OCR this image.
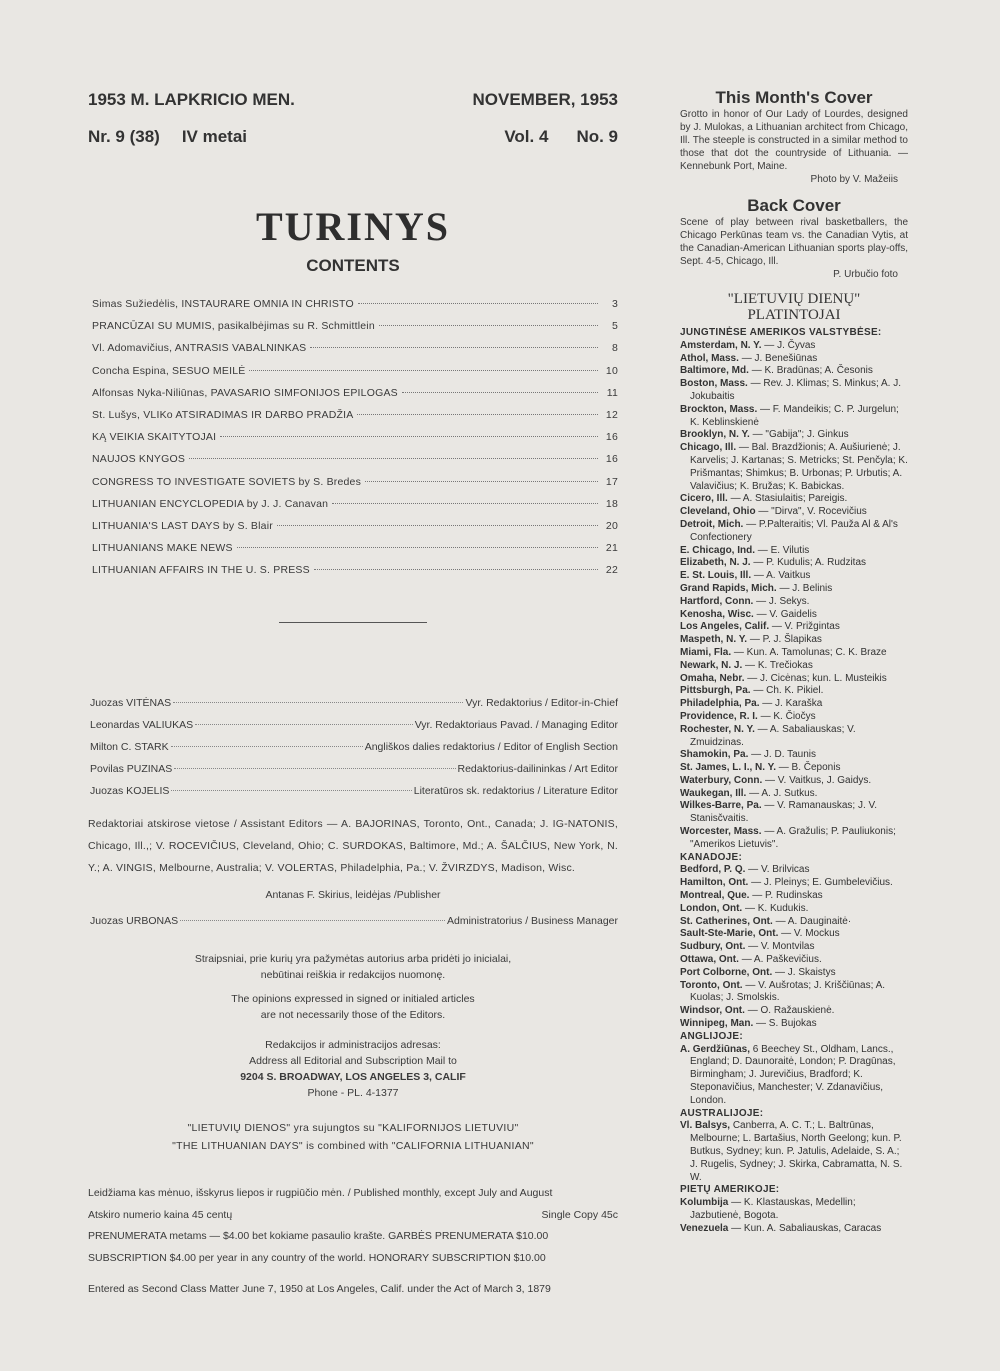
1953 M. LAPKRICIO MEN.	NOVEMBER, 1953
Nr. 9 (38) IV metai	Vol. 4 No. 9
TURINYS
CONTENTS
Simas Sužiedėlis, INSTAURARE OMNIA IN CHRISTO	3
PRANCŪZAI SU MUMIS, pasikalbėjimas su R. Schmittlein	5
Vl. Adomavičius, ANTRASIS VABALNINKAS	8
Concha Espina, SESUO MEILĖ	10
Alfonsas Nyka-Niliūnas, PAVASARIO SIMFONIJOS EPILOGAS	11
St. Lušys, VLIKo ATSIRADIMAS IR DARBO PRADŽIA	12
KĄ VEIKIA SKAITYTOJAI	16
NAUJOS KNYGOS	16
CONGRESS TO INVESTIGATE SOVIETS by S. Bredes	17
LITHUANIAN ENCYCLOPEDIA by J. J. Canavan	18
LITHUANIA'S LAST DAYS by S. Blair	20
LITHUANIANS MAKE NEWS	21
LITHUANIAN AFFAIRS IN THE U. S. PRESS	22
Juozas VITĖNAS	Vyr. Redaktorius / Editor-in-Chief
Leonardas VALIUKAS	Vyr. Redaktoriaus Pavad. / Managing Editor
Milton C. STARK	Angliškos dalies redaktorius / Editor of English Section
Povilas PUZINAS	Redaktorius-dailininkas / Art Editor
Juozas KOJELIS	Literatūros sk. redaktorius / Literature Editor
Redaktoriai atskirose vietose / Assistant Editors — A. BAJORINAS, Toronto, Ont., Canada; J. IG-NATONIS, Chicago, Ill.,; V. ROCEVIČIUS, Cleveland, Ohio; C. SURDOKAS, Baltimore, Md.; A. ŠALČIUS, New York, N. Y.; A. VINGIS, Melbourne, Australia; V. VOLERTAS, Philadelphia, Pa.; V. ŽVIRZDYS, Madison, Wisc.
Antanas F. Skirius, leidėjas /Publisher
Juozas URBONAS	Administratorius / Business Manager
Straipsniai, prie kurių yra pažymėtas autorius arba pridėti jo inicialai,
nebūtinai reiškia ir redakcijos nuomonę.
The opinions expressed in signed or initialed articles
are not necessarily those of the Editors.
Redakcijos ir administracijos adresas:
Address all Editorial and Subscription Mail to
9204 S. BROADWAY, LOS ANGELES 3, CALIF
Phone - PL. 4-1377
"LIETUVIŲ DIENOS" yra sujungtos su "KALIFORNIJOS LIETUVIU"
"THE LITHUANIAN DAYS" is combined with "CALIFORNIA LITHUANIAN"
Leidžiama kas mėnuo, išskyrus liepos ir rugpiūčio mėn. / Published monthly, except July and August
Atskiro numerio kaina 45 centų	Single Copy 45c
PRENUMERATA metams — $4.00 bet kokiame pasaulio krašte. GARBĖS PRENUMERATA $10.00
SUBSCRIPTION $4.00 per year in any country of the world. HONORARY SUBSCRIPTION $10.00
Entered as Second Class Matter June 7, 1950 at Los Angeles, Calif. under the Act of March 3, 1879
This Month's Cover
Grotto in honor of Our Lady of Lourdes, designed by J. Mulokas, a Lithuanian architect from Chicago, Ill. The steeple is constructed in a similar method to those that dot the countryside of Lithuania. — Kennebunk Port, Maine.
Photo by V. Mažeiis
Back Cover
Scene of play between rival basketballers, the Chicago Perkūnas team vs. the Canadian Vytis, at the Canadian-American Lithuanian sports play-offs, Sept. 4-5, Chicago, Ill.
P. Urbučio foto
"LIETUVIŲ DIENŲ"
PLATINTOJAI
JUNGTINĖSE AMERIKOS VALSTYBĖSE:
Amsterdam, N. Y. — J. Čyvas
Athol, Mass. — J. Benešiūnas
Baltimore, Md. — K. Bradūnas; A. Česonis
Boston, Mass. — Rev. J. Klimas; S. Minkus; A. J. Jokubaitis
Brockton, Mass. — F. Mandeikis; C. P. Jurgelun; K. Keblinskienė
Brooklyn, N. Y. — "Gabija"; J. Ginkus
Chicago, Ill. — Bal. Brazdžionis; A. Aušiurienė; J. Karvelis; J. Kartanas; S. Metricks; St. Penčyla; K. Prišmantas; Shimkus; B. Urbonas; P. Urbutis; A. Valavičius; K. Bružas; K. Babickas.
Cicero, Ill. — A. Stasiulaitis; Pareigis.
Cleveland, Ohio — "Dirva", V. Rocevičius
Detroit, Mich. — P.Palteraitis; Vl. Pauža Al & Al's Confectionery
E. Chicago, Ind. — E. Vilutis
Elizabeth, N. J. — P. Kudulis; A. Rudzitas
E. St. Louis, Ill. — A. Vaitkus
Grand Rapids, Mich. — J. Belinis
Hartford, Conn. — J. Sekys.
Kenosha, Wisc. — V. Gaidelis
Los Angeles, Calif. — V. Prižgintas
Maspeth, N. Y. — P. J. Šlapikas
Miami, Fla. — Kun. A. Tamolunas; C. K. Braze
Newark, N. J. — K. Trečiokas
Omaha, Nebr. — J. Cicėnas; kun. L. Musteikis
Pittsburgh, Pa. — Ch. K. Pikiel.
Philadelphia, Pa. — J. Karaška
Providence, R. I. — K. Čiočys
Rochester, N. Y. — A. Sabaliauskas; V. Zmuidzinas.
Shamokin, Pa. — J. D. Taunis
St. James, L. I., N. Y. — B. Čeponis
Waterbury, Conn. — V. Vaitkus, J. Gaidys.
Waukegan, Ill. — A. J. Sutkus.
Wilkes-Barre, Pa. — V. Ramanauskas; J. V. Stanisčvaitis.
Worcester, Mass. — A. Gražulis; P. Pauliukonis; "Amerikos Lietuvis".
KANADOJE:
Bedford, P. Q. — V. Brilvicas
Hamilton, Ont. — J. Pleinys; E. Gumbelevičius.
Montreal, Que. — P. Rudinskas
London, Ont. — K. Kudukis.
St. Catherines, Ont. — A. Dauginaitė·
Sault-Ste-Marie, Ont. — V. Mockus
Sudbury, Ont. — V. Montvilas
Ottawa, Ont. — A. Paškevičius.
Port Colborne, Ont. — J. Skaistys
Toronto, Ont. — V. Aušrotas; J. Kriščiūnas; A. Kuolas; J. Smolskis.
Windsor, Ont. — O. Ražauskienė.
Winnipeg, Man. — S. Bujokas
ANGLIJOJE:
A. Gerdžiūnas, 6 Beechey St., Oldham, Lancs., England; D. Daunoraitė, London; P. Dragūnas, Birmingham; J. Jurevičius, Bradford; K. Steponavičius, Manchester; V. Zdanavičius, London.
AUSTRALIJOJE:
Vl. Balsys, Canberra, A. C. T.; L. Baltrūnas, Melbourne; L. Bartašius, North Geelong; kun. P. Butkus, Sydney; kun. P. Jatulis, Adelaide, S. A.; J. Rugelis, Sydney; J. Skirka, Cabramatta, N. S. W.
PIETŲ AMERIKOJE:
Kolumbija — K. Klastauskas, Medellin; Jazbutienė, Bogota.
Venezuela — Kun. A. Sabaliauskas, Caracas
